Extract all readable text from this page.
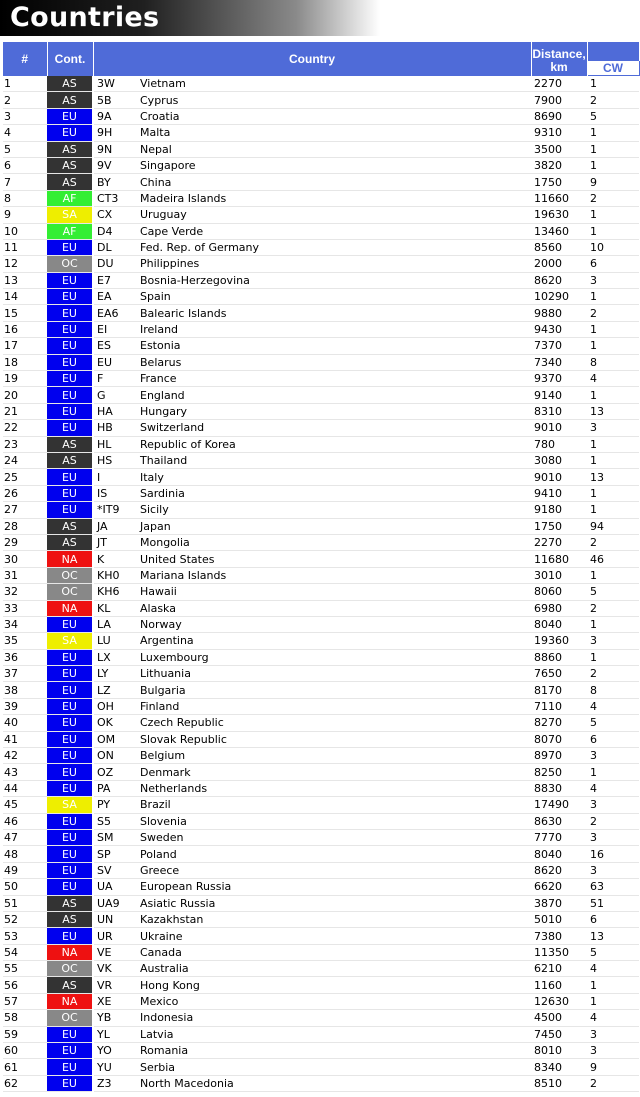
Countries
#	Cont.	Country		Distance,	
				km	CW
1	AS	3W	Vietnam	2270	1
2	AS	5B	Cyprus	7900	2
3	EU	9A	Croatia	8690	5
4	EU	9H	Malta	9310	1
5	AS	9N	Nepal	3500	1
6	AS	9V	Singapore	3820	1
7	AS	BY	China	1750	9
8	AF	CT3	Madeira Islands	11660	2
9	SA	CX	Uruguay	19630	1
10	AF	D4	Cape Verde	13460	1
11	EU	DL	Fed. Rep. of Germany	8560	10
12	OC	DU	Philippines	2000	6
13	EU	E7	Bosnia-Herzegovina	8620	3
14	EU	EA	Spain	10290	1
15	EU	EA6	Balearic Islands	9880	2
16	EU	EI	Ireland	9430	1
17	EU	ES	Estonia	7370	1
18	EU	EU	Belarus	7340	8
19	EU	F	France	9370	4
20	EU	G	England	9140	1
21	EU	HA	Hungary	8310	13
22	EU	HB	Switzerland	9010	3
23	AS	HL	Republic of Korea	780	1
24	AS	HS	Thailand	3080	1
25	EU	I	Italy	9010	13
26	EU	IS	Sardinia	9410	1
27	EU	*IT9	Sicily	9180	1
28	AS	JA	Japan	1750	94
29	AS	JT	Mongolia	2270	2
30	NA	K	United States	11680	46
31	OC	KH0	Mariana Islands	3010	1
32	OC	KH6	Hawaii	8060	5
33	NA	KL	Alaska	6980	2
34	EU	LA	Norway	8040	1
35	SA	LU	Argentina	19360	3
36	EU	LX	Luxembourg	8860	1
37	EU	LY	Lithuania	7650	2
38	EU	LZ	Bulgaria	8170	8
39	EU	OH	Finland	7110	4
40	EU	OK	Czech Republic	8270	5
41	EU	OM	Slovak Republic	8070	6
42	EU	ON	Belgium	8970	3
43	EU	OZ	Denmark	8250	1
44	EU	PA	Netherlands	8830	4
45	SA	PY	Brazil	17490	3
46	EU	S5	Slovenia	8630	2
47	EU	SM	Sweden	7770	3
48	EU	SP	Poland	8040	16
49	EU	SV	Greece	8620	3
50	EU	UA	European Russia	6620	63
51	AS	UA9	Asiatic Russia	3870	51
52	AS	UN	Kazakhstan	5010	6
53	EU	UR	Ukraine	7380	13
54	NA	VE	Canada	11350	5
55	OC	VK	Australia	6210	4
56	AS	VR	Hong Kong	1160	1
57	NA	XE	Mexico	12630	1
58	OC	YB	Indonesia	4500	4
59	EU	YL	Latvia	7450	3
60	EU	YO	Romania	8010	3
61	EU	YU	Serbia	8340	9
62	EU	Z3	North Macedonia	8510	2
